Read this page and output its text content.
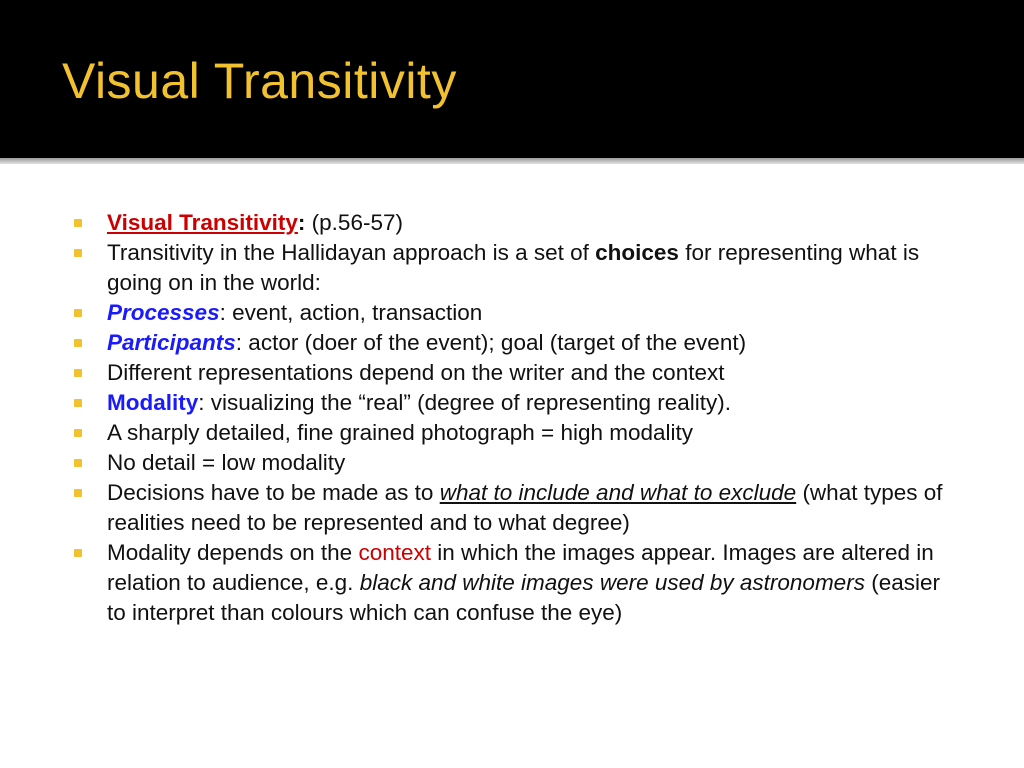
Visual Transitivity
Visual Transitivity: (p.56-57)
Transitivity in the Hallidayan approach is a set of choices for representing what is going on in the world:
Processes: event, action, transaction
Participants: actor (doer of the event); goal (target of the event)
Different representations depend on the writer and the context
Modality: visualizing the “real” (degree of representing reality).
A sharply detailed, fine grained photograph = high modality
No detail = low modality
Decisions have to be made as to what to include and what to exclude (what types of realities need to be represented and to what degree)
Modality depends on the context in which the images appear. Images are altered in relation to audience, e.g. black and white images were used by astronomers (easier to interpret than colours which can confuse the eye)
